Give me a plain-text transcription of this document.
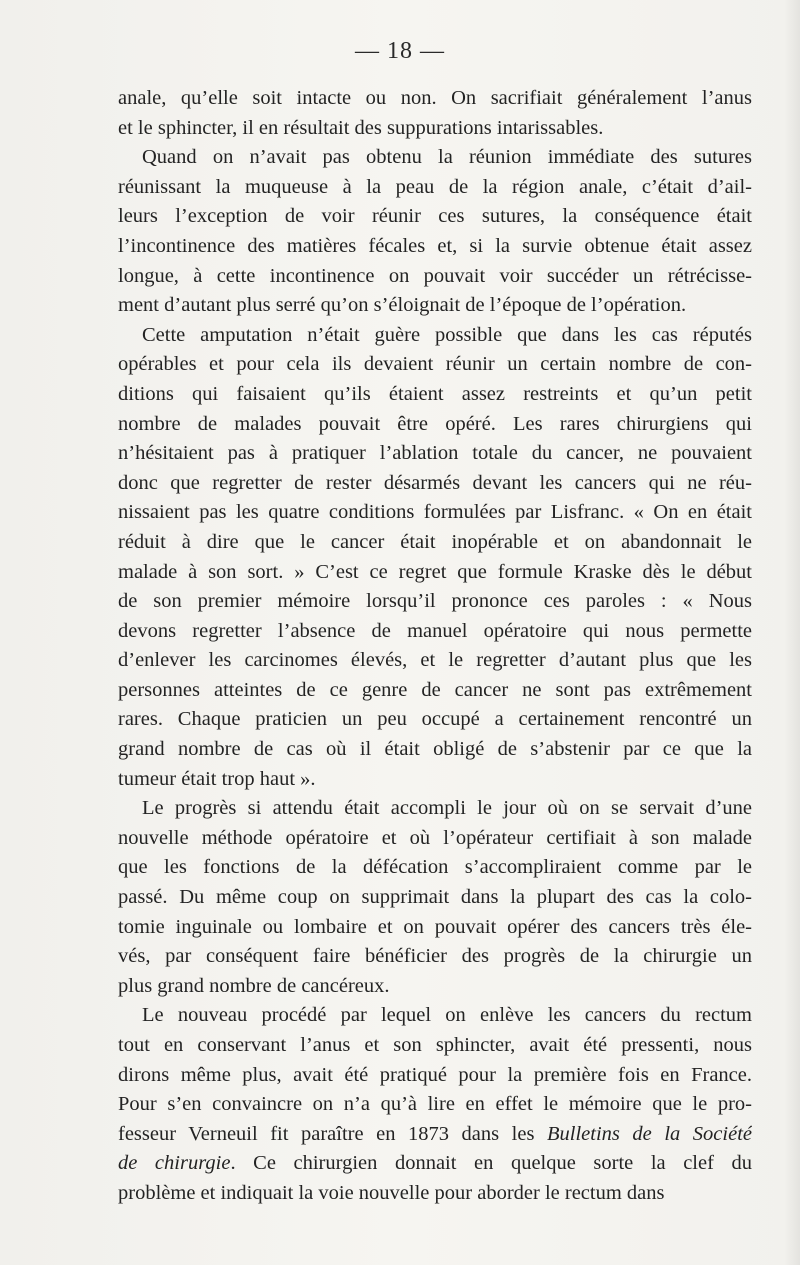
— 18 —
anale, qu’elle soit intacte ou non. On sacrifiait généralement l’anus
et le sphincter, il en résultait des suppurations intarissables.
Quand on n’avait pas obtenu la réunion immédiate des sutures
réunissant la muqueuse à la peau de la région anale, c’était d’ail-
leurs l’exception de voir réunir ces sutures, la conséquence était
l’incontinence des matières fécales et, si la survie obtenue était assez
longue, à cette incontinence on pouvait voir succéder un rétrécisse-
ment d’autant plus serré qu’on s’éloignait de l’époque de l’opération.
Cette amputation n’était guère possible que dans les cas réputés
opérables et pour cela ils devaient réunir un certain nombre de con-
ditions qui faisaient qu’ils étaient assez restreints et qu’un petit
nombre de malades pouvait être opéré. Les rares chirurgiens qui
n’hésitaient pas à pratiquer l’ablation totale du cancer, ne pouvaient
donc que regretter de rester désarmés devant les cancers qui ne réu-
nissaient pas les quatre conditions formulées par Lisfranc. « On en était
réduit à dire que le cancer était inopérable et on abandonnait le
malade à son sort. » C’est ce regret que formule Kraske dès le début
de son premier mémoire lorsqu’il prononce ces paroles : « Nous
devons regretter l’absence de manuel opératoire qui nous permette
d’enlever les carcinomes élevés, et le regretter d’autant plus que les
personnes atteintes de ce genre de cancer ne sont pas extrêmement
rares. Chaque praticien un peu occupé a certainement rencontré un
grand nombre de cas où il était obligé de s’abstenir par ce que la
tumeur était trop haut ».
Le progrès si attendu était accompli le jour où on se servait d’une
nouvelle méthode opératoire et où l’opérateur certifiait à son malade
que les fonctions de la défécation s’accompliraient comme par le
passé. Du même coup on supprimait dans la plupart des cas la colo-
tomie inguinale ou lombaire et on pouvait opérer des cancers très éle-
vés, par conséquent faire bénéficier des progrès de la chirurgie un
plus grand nombre de cancéreux.
Le nouveau procédé par lequel on enlève les cancers du rectum
tout en conservant l’anus et son sphincter, avait été pressenti, nous
dirons même plus, avait été pratiqué pour la première fois en France.
Pour s’en convaincre on n’a qu’à lire en effet le mémoire que le pro-
fesseur Verneuil fit paraître en 1873 dans les Bulletins de la Société
de chirurgie. Ce chirurgien donnait en quelque sorte la clef du
problème et indiquait la voie nouvelle pour aborder le rectum dans
